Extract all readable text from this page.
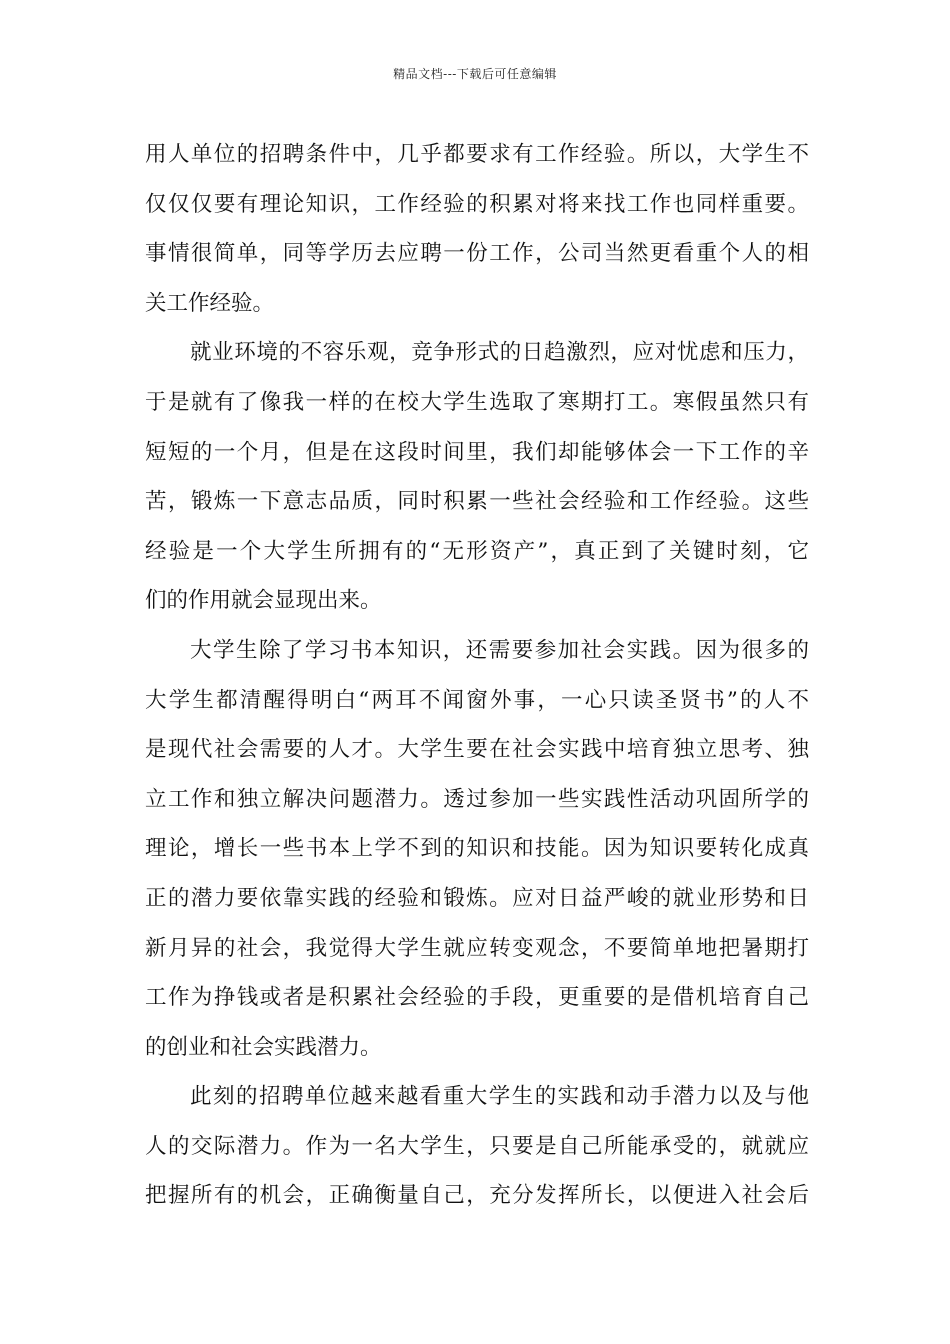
精品文档---下载后可任意编辑
用人单位的招聘条件中，几乎都要求有工作经验。所以，大学生不
仅仅仅要有理论知识，工作经验的积累对将来找工作也同样重要。
事情很简单，同等学历去应聘一份工作，公司当然更看重个人的相
关工作经验。
就业环境的不容乐观，竞争形式的日趋激烈，应对忧虑和压力，
于是就有了像我一样的在校大学生选取了寒期打工。寒假虽然只有
短短的一个月，但是在这段时间里，我们却能够体会一下工作的辛
苦，锻炼一下意志品质，同时积累一些社会经验和工作经验。这些
经验是一个大学生所拥有的“无形资产”，真正到了关键时刻，它
们的作用就会显现出来。
大学生除了学习书本知识，还需要参加社会实践。因为很多的
大学生都清醒得明白“两耳不闻窗外事，一心只读圣贤书”的人不
是现代社会需要的人才。大学生要在社会实践中培育独立思考、独
立工作和独立解决问题潜力。透过参加一些实践性活动巩固所学的
理论，增长一些书本上学不到的知识和技能。因为知识要转化成真
正的潜力要依靠实践的经验和锻炼。应对日益严峻的就业形势和日
新月异的社会，我觉得大学生就应转变观念，不要简单地把暑期打
工作为挣钱或者是积累社会经验的手段，更重要的是借机培育自己
的创业和社会实践潜力。
此刻的招聘单位越来越看重大学生的实践和动手潜力以及与他
人的交际潜力。作为一名大学生，只要是自己所能承受的，就就应
把握所有的机会，正确衡量自己，充分发挥所长，以便进入社会后
